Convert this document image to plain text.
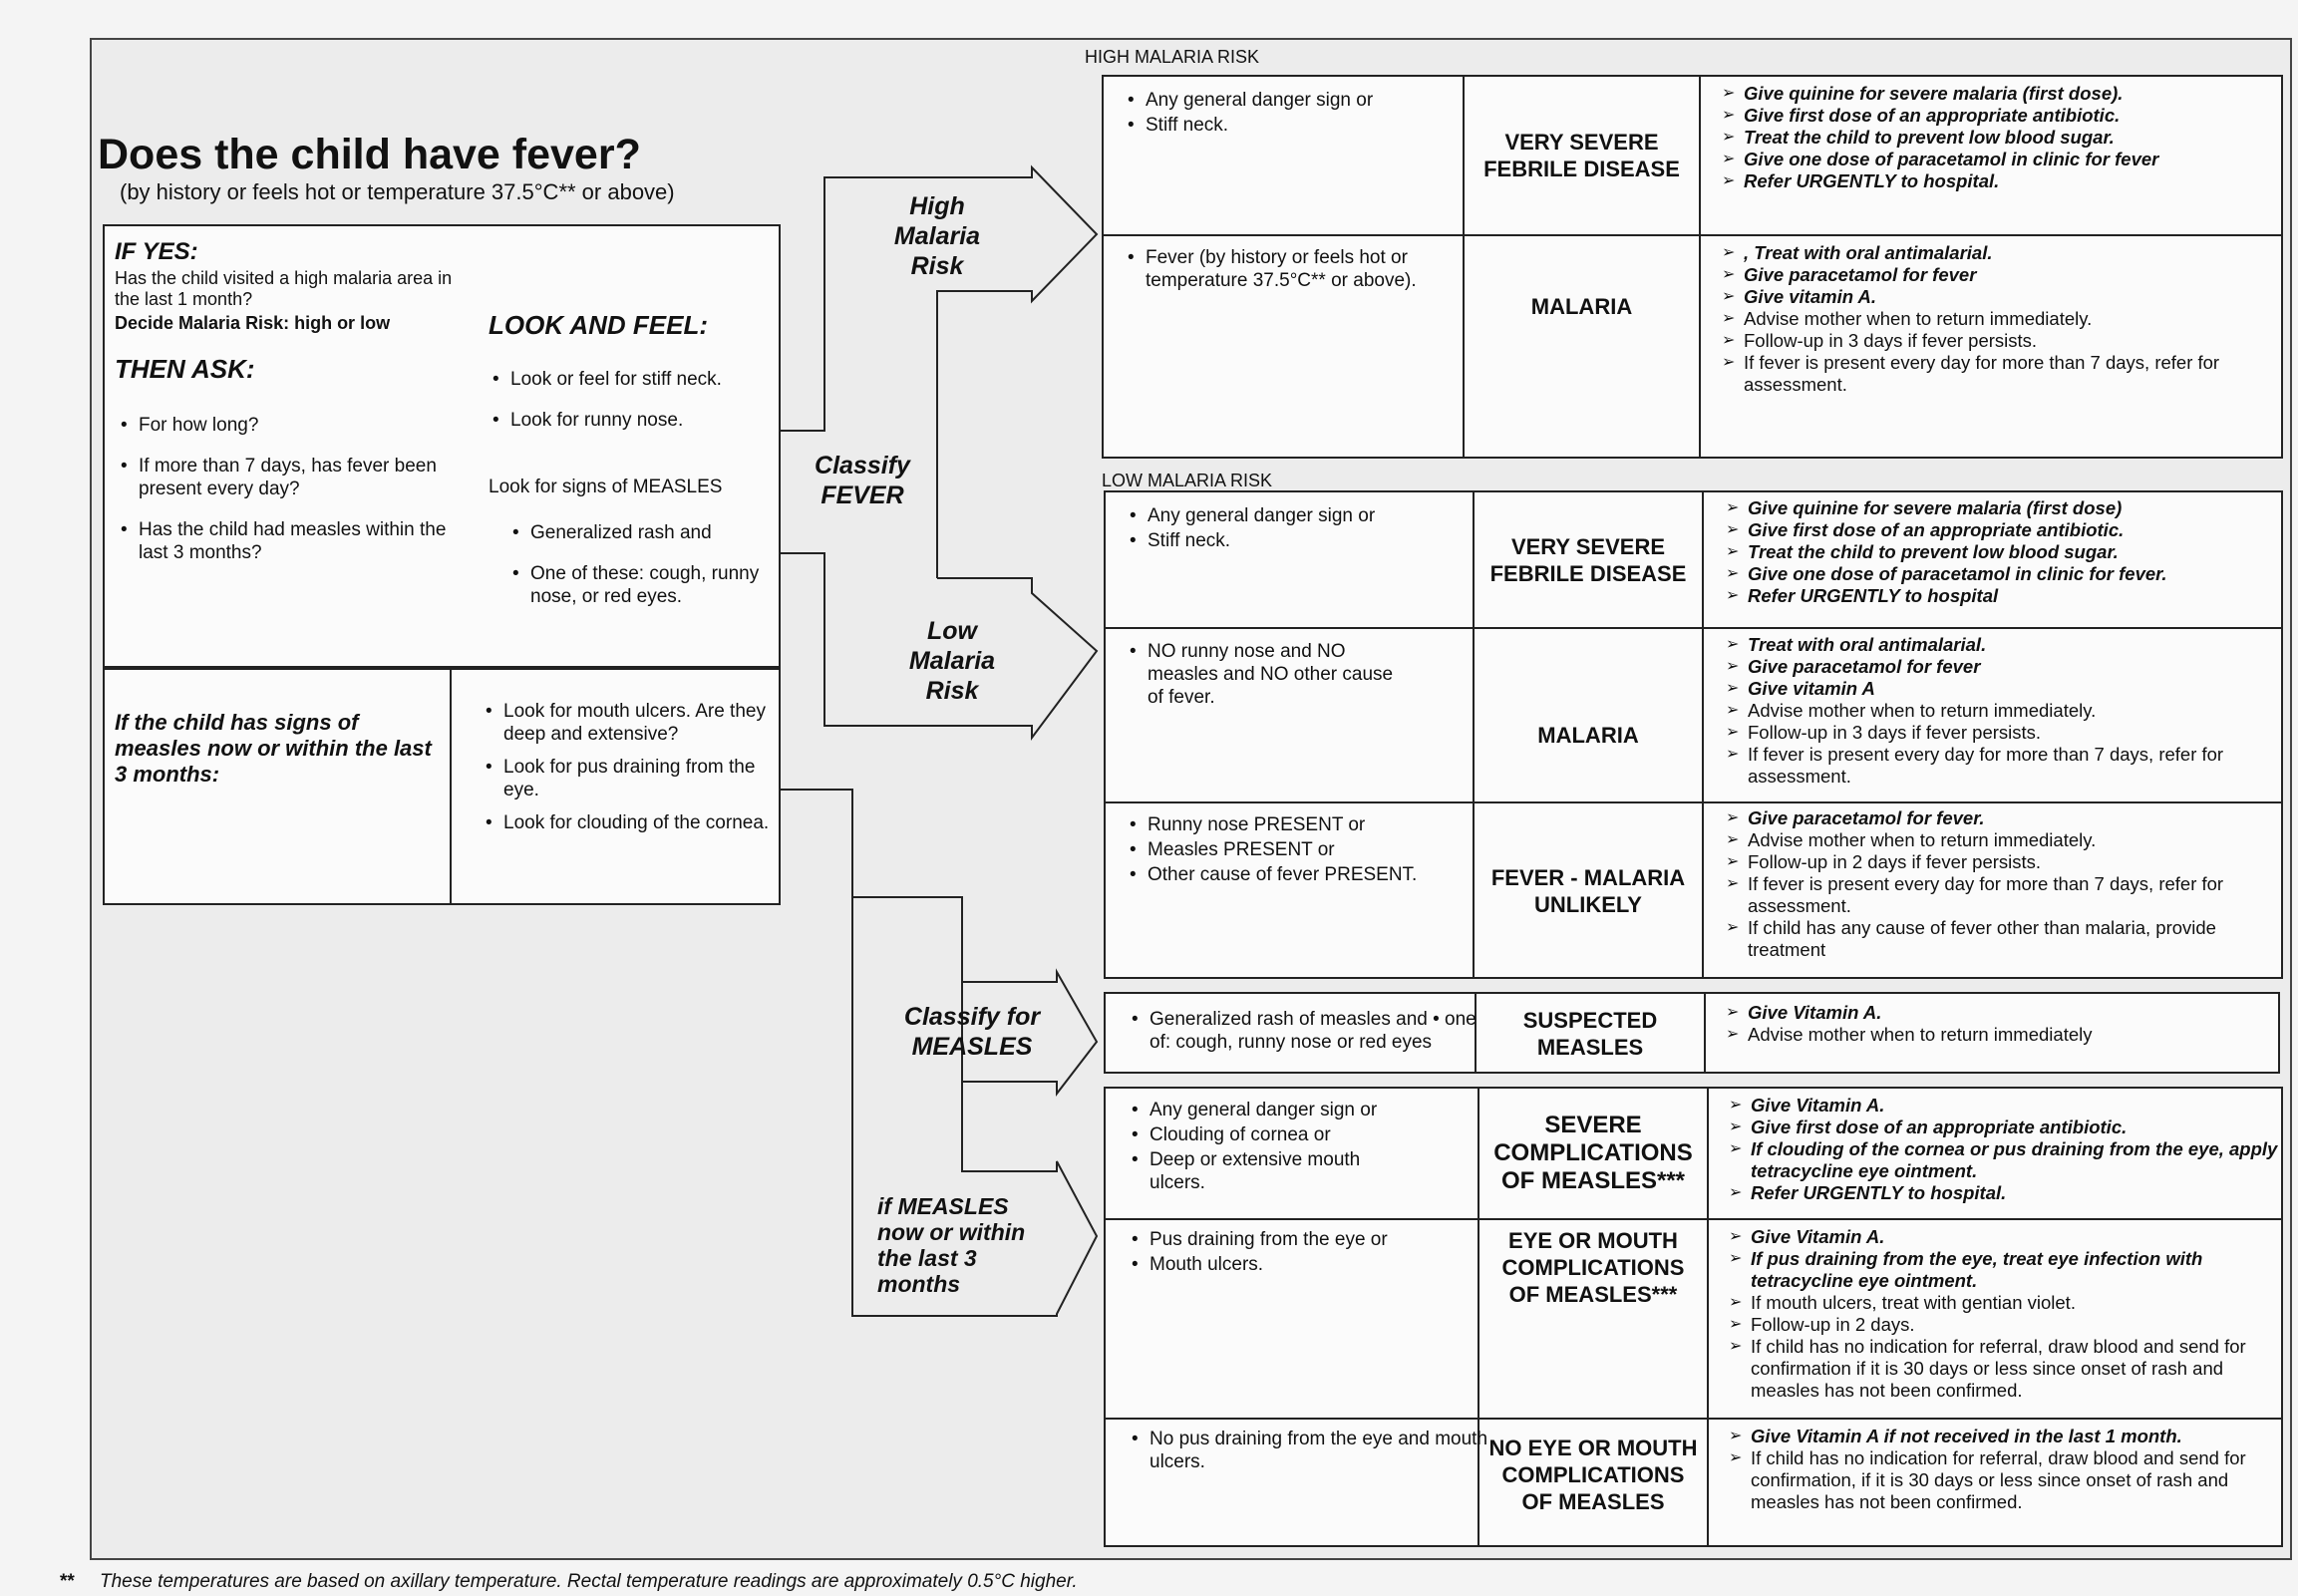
Does the child have fever?
(by history or feels hot or temperature 37.5°C** or above)
IF YES:
Has the child visited a high malaria area in the last 1 month?
Decide Malaria Risk: high or low
THEN ASK:
• For how long?
• If more than 7 days, has fever been present every day?
• Has the child had measles within the last 3 months?
LOOK AND FEEL:
• Look or feel for stiff neck.
• Look for runny nose.
Look for signs of MEASLES
• Generalized rash and
• One of these: cough, runny nose, or red eyes.
If the child has signs of measles now or within the last 3 months:
• Look for mouth ulcers. Are they deep and extensive?
• Look for pus draining from the eye.
• Look for clouding of the cornea.
High Malaria Risk
Classify FEVER
Low Malaria Risk
Classify for MEASLES
if MEASLES now or within the last 3 months
HIGH MALARIA RISK
• Any general danger sign or
• Stiff neck.
VERY SEVERE FEBRILE DISEASE
➢ Give quinine for severe malaria (first dose).
➢ Give first dose of an appropriate antibiotic.
➢ Treat the child to prevent low blood sugar.
➢ Give one dose of paracetamol in clinic for fever
➢ Refer URGENTLY to hospital.
• Fever (by history or feels hot or temperature 37.5°C** or above).
MALARIA
➢ , Treat with oral antimalarial.
➢ Give paracetamol for fever
➢ Give vitamin A.
➢ Advise mother when to return immediately.
➢ Follow-up in 3 days if fever persists.
➢ If fever is present every day for more than 7 days, refer for assessment.
LOW MALARIA RISK
• Any general danger sign or
• Stiff neck.	VERY SEVERE FEBRILE DISEASE
➢ Give quinine for severe malaria (first dose)
➢ Give first dose of an appropriate antibiotic.
➢ Treat the child to prevent low blood sugar.
➢ Give one dose of paracetamol in clinic for fever.
➢ Refer URGENTLY to hospital
• NO runny nose and NO measles and NO other cause of fever.
MALARIA
➢ Treat with oral antimalarial.
➢ Give paracetamol for fever
➢ Give vitamin A
➢ Advise mother when to return immediately.
➢ Follow-up in 3 days if fever persists.
➢ If fever is present every day for more than 7 days, refer for assessment.
• Runny nose PRESENT or
• Measles PRESENT or
• Other cause of fever PRESENT.	FEVER - MALARIA UNLIKELY
➢ Give paracetamol for fever.
➢ Advise mother when to return immediately.
➢ Follow-up in 2 days if fever persists.
➢ If fever is present every day for more than 7 days, refer for assessment.
➢ If child has any cause of fever other than malaria, provide treatment
• Generalized rash of measles and • one of: cough, runny nose or red eyes
SUSPECTED MEASLES
➢ Give Vitamin A.
➢ Advise mother when to return immediately
• Any general danger sign or
• Clouding of cornea or
• Deep or extensive mouth ulcers.
SEVERE COMPLICATIONS OF MEASLES***
➢ Give Vitamin A.
➢ Give first dose of an appropriate antibiotic.
➢ If clouding of the cornea or pus draining from the eye, apply tetracycline eye ointment.
➢ Refer URGENTLY to hospital.
• Pus draining from the eye or
• Mouth ulcers.
EYE OR MOUTH COMPLICATIONS OF MEASLES***
➢ Give Vitamin A.
➢ If pus draining from the eye, treat eye infection with tetracycline eye ointment.
➢ If mouth ulcers, treat with gentian violet.
➢ Follow-up in 2 days.
➢ If child has no indication for referral, draw blood and send for confirmation if it is 30 days or less since onset of rash and measles has not been confirmed.
• No pus draining from the eye and mouth ulcers.
NO EYE OR MOUTH COMPLICATIONS OF MEASLES
➢ Give Vitamin A if not received in the last 1 month.
➢ If child has no indication for referral, draw blood and send for confirmation, if it is 30 days or less since onset of rash and measles has not been confirmed.
** These temperatures are based on axillary temperature. Rectal temperature readings are approximately 0.5°C higher.
